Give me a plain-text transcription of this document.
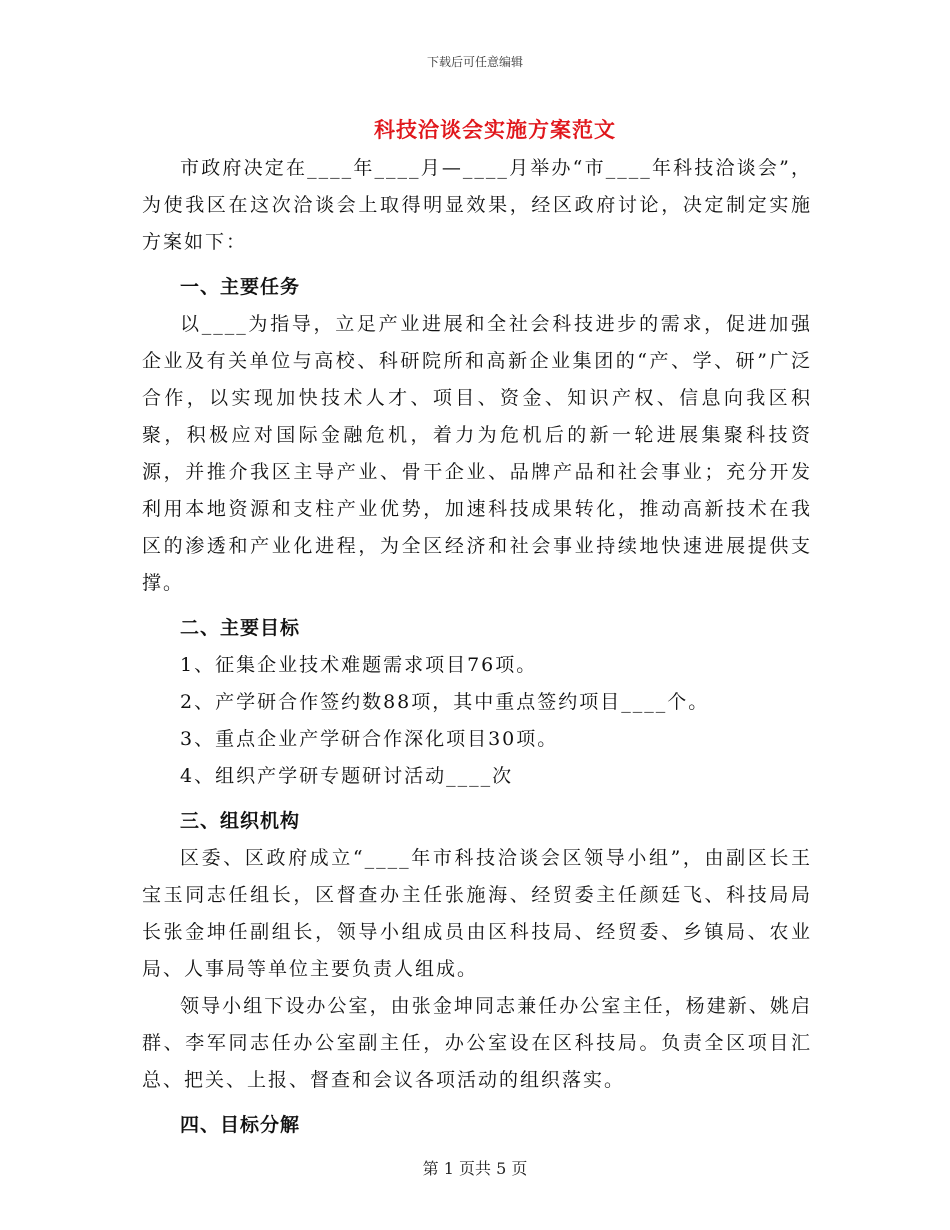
下载后可任意编辑
科技洽谈会实施方案范文

市政府决定在____年____月—____月举办“市____年科技洽谈会”，为使我区在这次洽谈会上取得明显效果，经区政府讨论，决定制定实施方案如下：

一、主要任务

以____为指导，立足产业进展和全社会科技进步的需求，促进加强企业及有关单位与高校、科研院所和高新企业集团的“产、学、研”广泛合作，以实现加快技术人才、项目、资金、知识产权、信息向我区积聚，积极应对国际金融危机，着力为危机后的新一轮进展集聚科技资源，并推介我区主导产业、骨干企业、品牌产品和社会事业；充分开发利用本地资源和支柱产业优势，加速科技成果转化，推动高新技术在我区的渗透和产业化进程，为全区经济和社会事业持续地快速进展提供支撑。

二、主要目标

1、征集企业技术难题需求项目76项。

2、产学研合作签约数88项，其中重点签约项目____个。

3、重点企业产学研合作深化项目30项。

4、组织产学研专题研讨活动____次

三、组织机构

区委、区政府成立“____年市科技洽谈会区领导小组”，由副区长王宝玉同志任组长，区督查办主任张施海、经贸委主任颜廷飞、科技局局长张金坤任副组长，领导小组成员由区科技局、经贸委、乡镇局、农业局、人事局等单位主要负责人组成。

领导小组下设办公室，由张金坤同志兼任办公室主任，杨建新、姚启群、李军同志任办公室副主任，办公室设在区科技局。负责全区项目汇总、把关、上报、督查和会议各项活动的组织落实。

四、目标分解

第 1 页共 5 页
